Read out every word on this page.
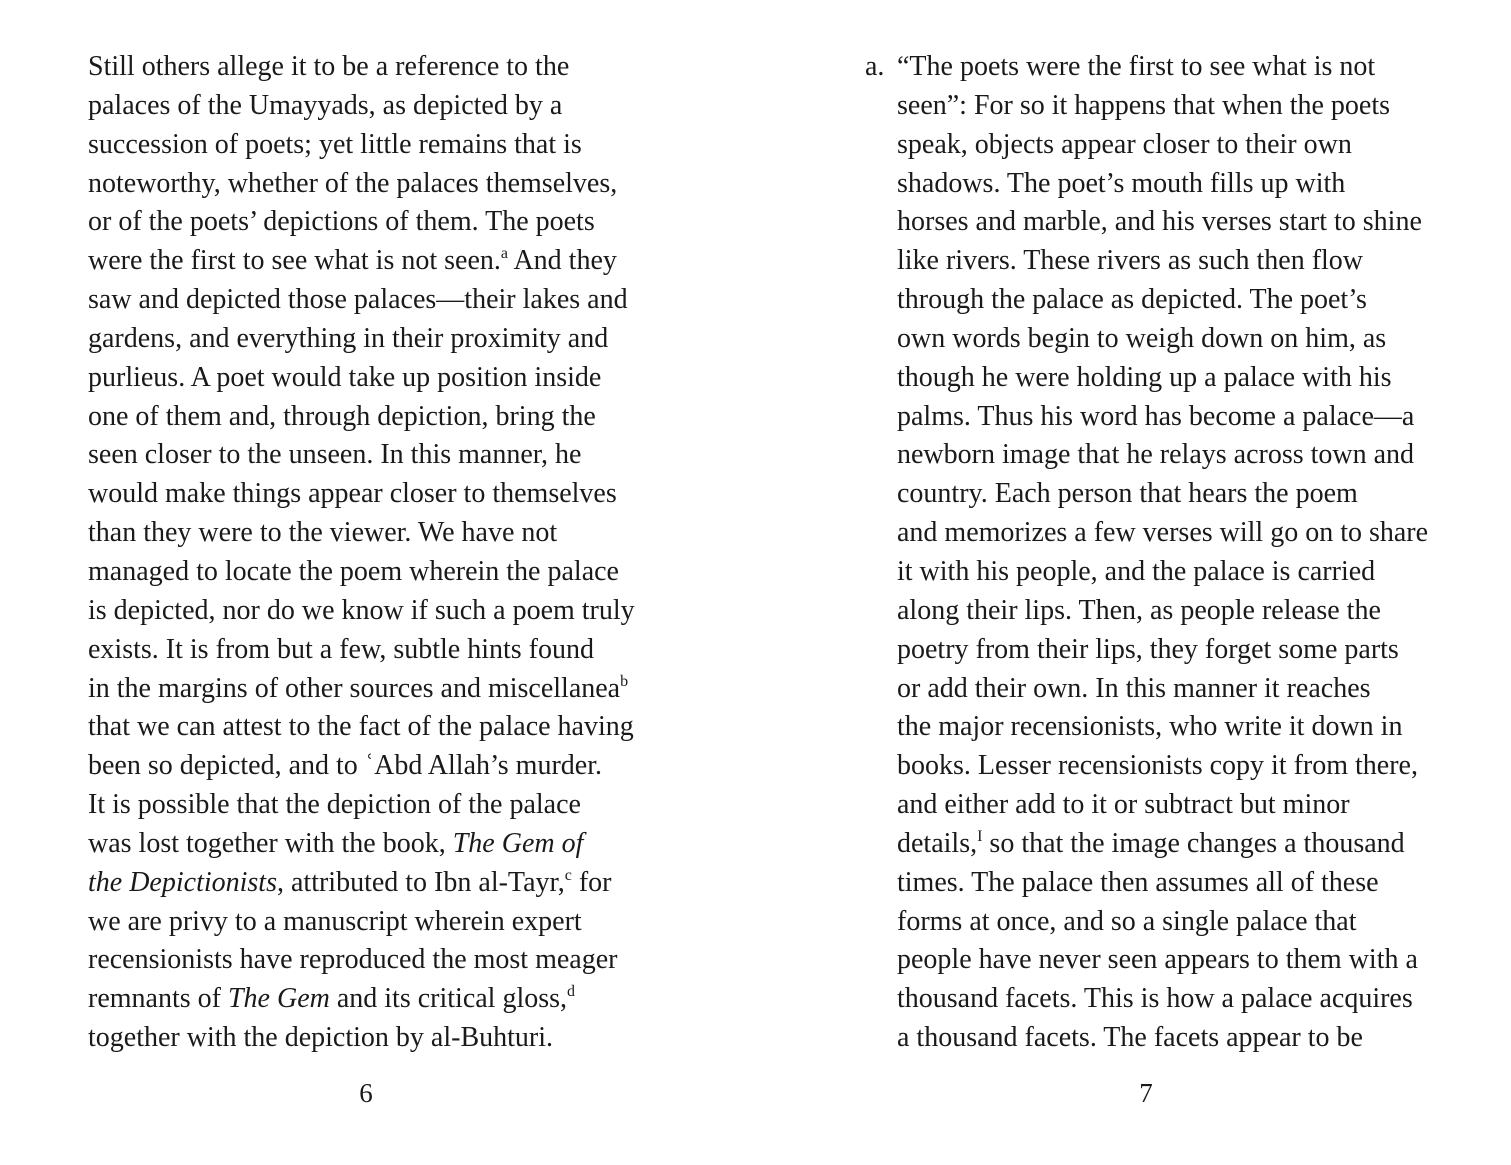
Still others allege it to be a reference to the
palaces of the Umayyads, as depicted by a
succession of poets; yet little remains that is
noteworthy, whether of the palaces themselves,
or of the poets’ depictions of them. The poets
were the first to see what is not seen.$^a$ And they
saw and depicted those palaces—their lakes and
gardens, and everything in their proximity and
purlieus. A poet would take up position inside
one of them and, through depiction, bring the
seen closer to the unseen. In this manner, he
would make things appear closer to themselves
than they were to the viewer. We have not
managed to locate the poem wherein the palace
is depicted, nor do we know if such a poem truly
exists. It is from but a few, subtle hints found
in the margins of other sources and miscellanea$^b$
that we can attest to the fact of the palace having
been so depicted, and to ʿAbd Allah’s murder.
It is possible that the depiction of the palace
was lost together with the book, The Gem of
the Depictionists, attributed to Ibn al-Tayr,$^c$ for
we are privy to a manuscript wherein expert
recensionists have reproduced the most meager
remnants of The Gem and its critical gloss,$^d$
together with the depiction by al-Buhturi.
a. “The poets were the first to see what is not
seen”: For so it happens that when the poets
speak, objects appear closer to their own
shadows. The poet’s mouth fills up with
horses and marble, and his verses start to shine
like rivers. These rivers as such then flow
through the palace as depicted. The poet’s
own words begin to weigh down on him, as
though he were holding up a palace with his
palms. Thus his word has become a palace—a
newborn image that he relays across town and
country. Each person that hears the poem
and memorizes a few verses will go on to share
it with his people, and the palace is carried
along their lips. Then, as people release the
poetry from their lips, they forget some parts
or add their own. In this manner it reaches
the major recensionists, who write it down in
books. Lesser recensionists copy it from there,
and either add to it or subtract but minor
details,$^I$ so that the image changes a thousand
times. The palace then assumes all of these
forms at once, and so a single palace that
people have never seen appears to them with a
thousand facets. This is how a palace acquires
a thousand facets. The facets appear to be
6	7
